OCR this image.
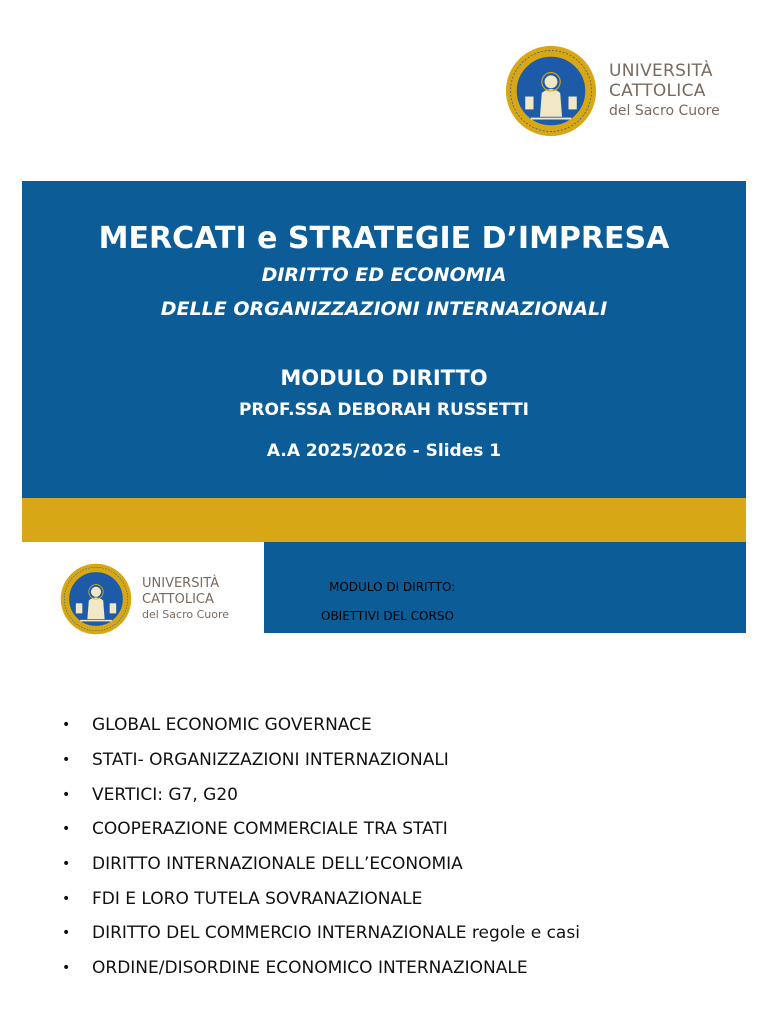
UNIVERSITÀ
CATTOLICA
del Sacro Cuore
MERCATI e STRATEGIE D’IMPRESA
DIRITTO ED ECONOMIA
DELLE ORGANIZZAZIONI INTERNAZIONALI
MODULO DIRITTO
PROF.SSA DEBORAH RUSSETTI
A.A 2025/2026 - Slides 1
UNIVERSITÀ
CATTOLICA
del Sacro Cuore
MODULO DI DIRITTO:
OBIETTIVI DEL CORSO
•	GLOBAL ECONOMIC GOVERNACE
•	STATI- ORGANIZZAZIONI INTERNAZIONALI
•	VERTICI: G7, G20
•	COOPERAZIONE COMMERCIALE TRA STATI
•	DIRITTO INTERNAZIONALE DELL’ECONOMIA
•	FDI E LORO TUTELA SOVRANAZIONALE
•	DIRITTO DEL COMMERCIO INTERNAZIONALE regole e casi
•	ORDINE/DISORDINE ECONOMICO INTERNAZIONALE
